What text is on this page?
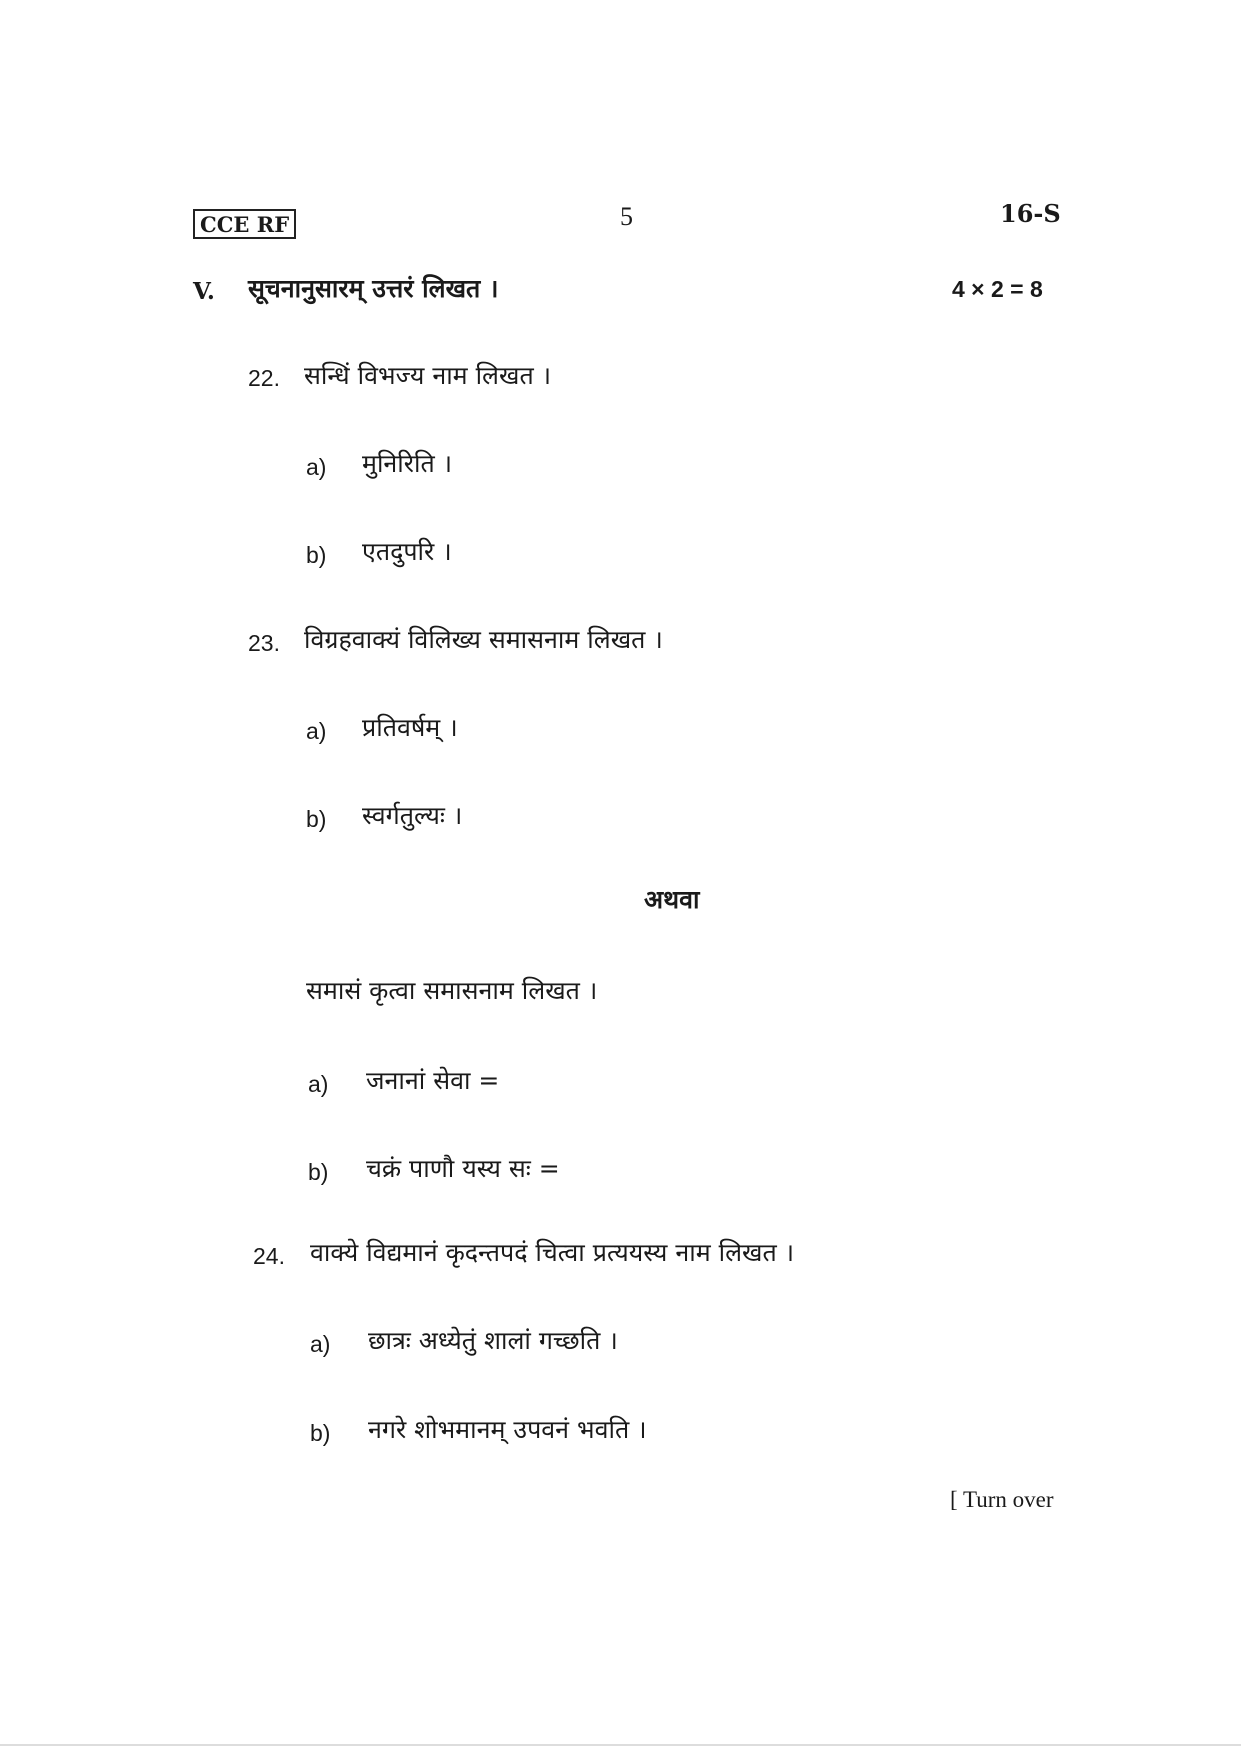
CCE RF	5	16-S
V. सूचनानुसारम् उत्तरं लिखत ।	4 × 2 = 8
22. सन्धिं विभज्य नाम लिखत ।
a) मुनिरिति ।
b) एतदुपरि ।
23. विग्रहवाक्यं विलिख्य समासनाम लिखत ।
a) प्रतिवर्षम् ।
b) स्वर्गतुल्यः ।
अथवा
समासं कृत्वा समासनाम लिखत ।
a) जनानां सेवा =
b) चक्रं पाणौ यस्य सः =
24. वाक्ये विद्यमानं कृदन्तपदं चित्वा प्रत्ययस्य नाम लिखत ।
a) छात्रः अध्येतुं शालां गच्छति ।
b) नगरे शोभमानम् उपवनं भवति ।
[ Turn over
